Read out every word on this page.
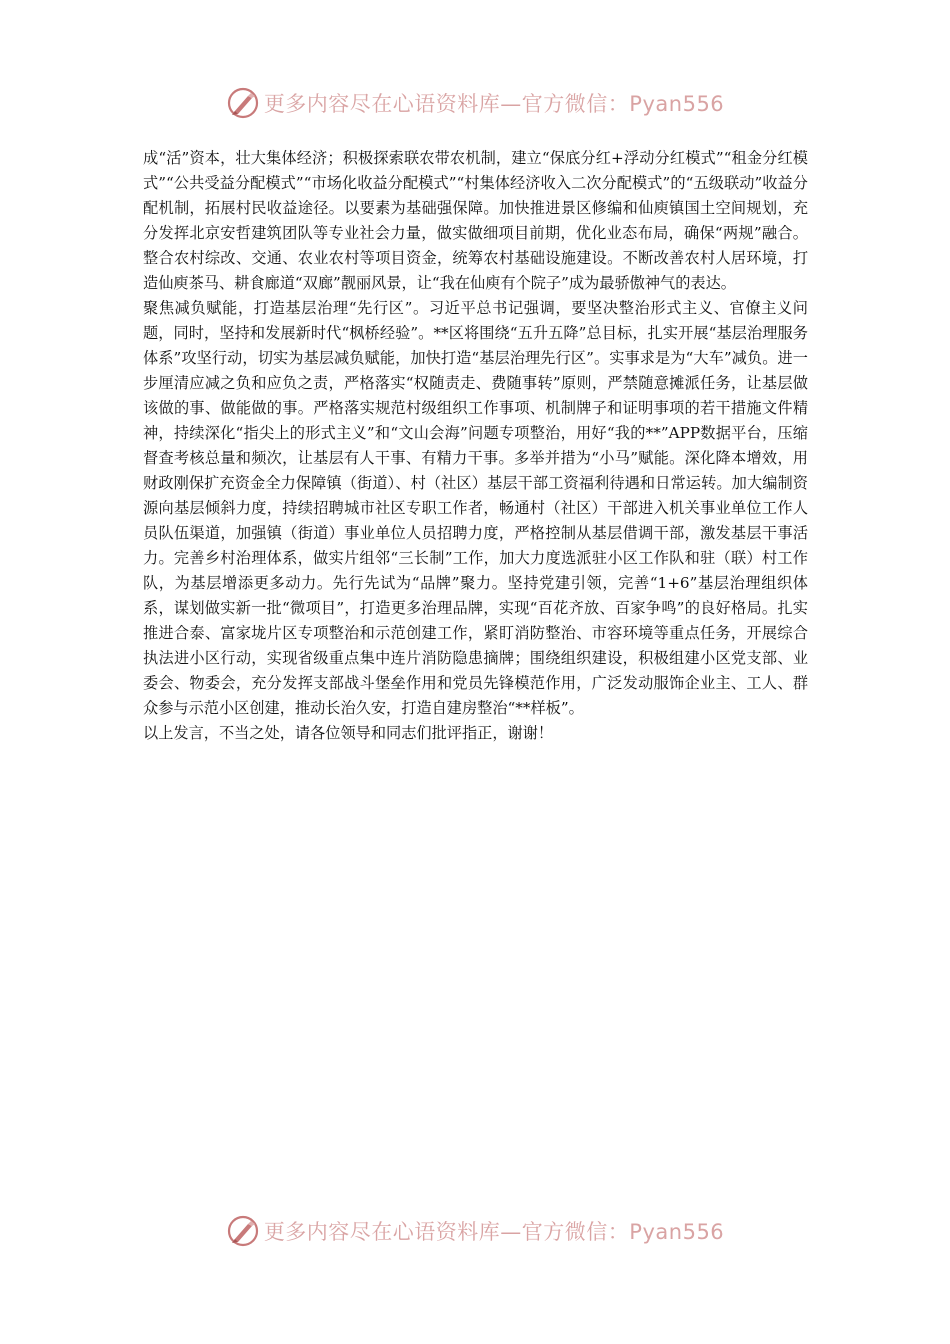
更多内容尽在心语资料库—官方微信：Pyan556

成“活”资本，壮大集体经济；积极探索联农带农机制，建立“保底分红+浮动分红模式”“租金分红模式”“公共受益分配模式”“市场化收益分配模式”“村集体经济收入二次分配模式”的“五级联动”收益分配机制，拓展村民收益途径。以要素为基础强保障。加快推进景区修编和仙庾镇国土空间规划，充分发挥北京安哲建筑团队等专业社会力量，做实做细项目前期，优化业态布局，确保“两规”融合。整合农村综改、交通、农业农村等项目资金，统筹农村基础设施建设。不断改善农村人居环境，打造仙庾茶马、耕食廊道“双廊”靓丽风景，让“我在仙庾有个院子”成为最骄傲神气的表达。

聚焦减负赋能，打造基层治理“先行区”。习近平总书记强调，要坚决整治形式主义、官僚主义问题，同时，坚持和发展新时代“枫桥经验”。**区将围绕“五升五降”总目标，扎实开展“基层治理服务体系”攻坚行动，切实为基层减负赋能，加快打造“基层治理先行区”。实事求是为“大车”减负。进一步厘清应减之负和应负之责，严格落实“权随责走、费随事转”原则，严禁随意摊派任务，让基层做该做的事、做能做的事。严格落实规范村级组织工作事项、机制牌子和证明事项的若干措施文件精神，持续深化“指尖上的形式主义”和“文山会海”问题专项整治，用好“我的**”APP数据平台，压缩督查考核总量和频次，让基层有人干事、有精力干事。多举并措为“小马”赋能。深化降本增效，用财政刚保扩充资金全力保障镇（街道）、村（社区）基层干部工资福利待遇和日常运转。加大编制资源向基层倾斜力度，持续招聘城市社区专职工作者，畅通村（社区）干部进入机关事业单位工作人员队伍渠道，加强镇（街道）事业单位人员招聘力度，严格控制从基层借调干部，激发基层干事活力。完善乡村治理体系，做实片组邻“三长制”工作，加大力度选派驻小区工作队和驻（联）村工作队，为基层增添更多动力。先行先试为“品牌”聚力。坚持党建引领，完善“1+6”基层治理组织体系，谋划做实新一批“微项目”，打造更多治理品牌，实现“百花齐放、百家争鸣”的良好格局。扎实推进合泰、富家垅片区专项整治和示范创建工作，紧盯消防整治、市容环境等重点任务，开展综合执法进小区行动，实现省级重点集中连片消防隐患摘牌；围绕组织建设，积极组建小区党支部、业委会、物委会，充分发挥支部战斗堡垒作用和党员先锋模范作用，广泛发动服饰企业主、工人、群众参与示范小区创建，推动长治久安，打造自建房整治“**样板”。

以上发言，不当之处，请各位领导和同志们批评指正，谢谢！

更多内容尽在心语资料库—官方微信：Pyan556
